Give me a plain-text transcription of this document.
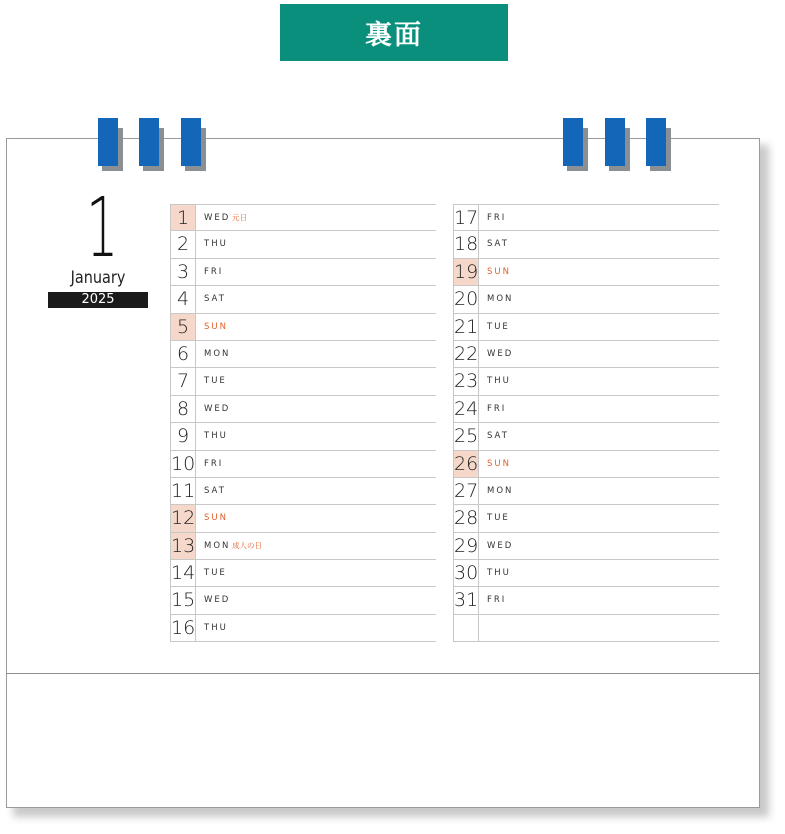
裏面
1
January
2025
1	WED 元日
2	THU
3	FRI
4	SAT
5	SUN
6	MON
7	TUE
8	WED
9	THU
10 FRI
11 SAT
12 SUN
13 MON 成人の日
14 TUE
15 WED
16 THU
17 FRI
18 SAT
19 SUN
20 MON
21 TUE
22 WED
23 THU
24 FRI
25 SAT
26 SUN
27 MON
28 TUE
29 WED
30 THU
31 FRI
